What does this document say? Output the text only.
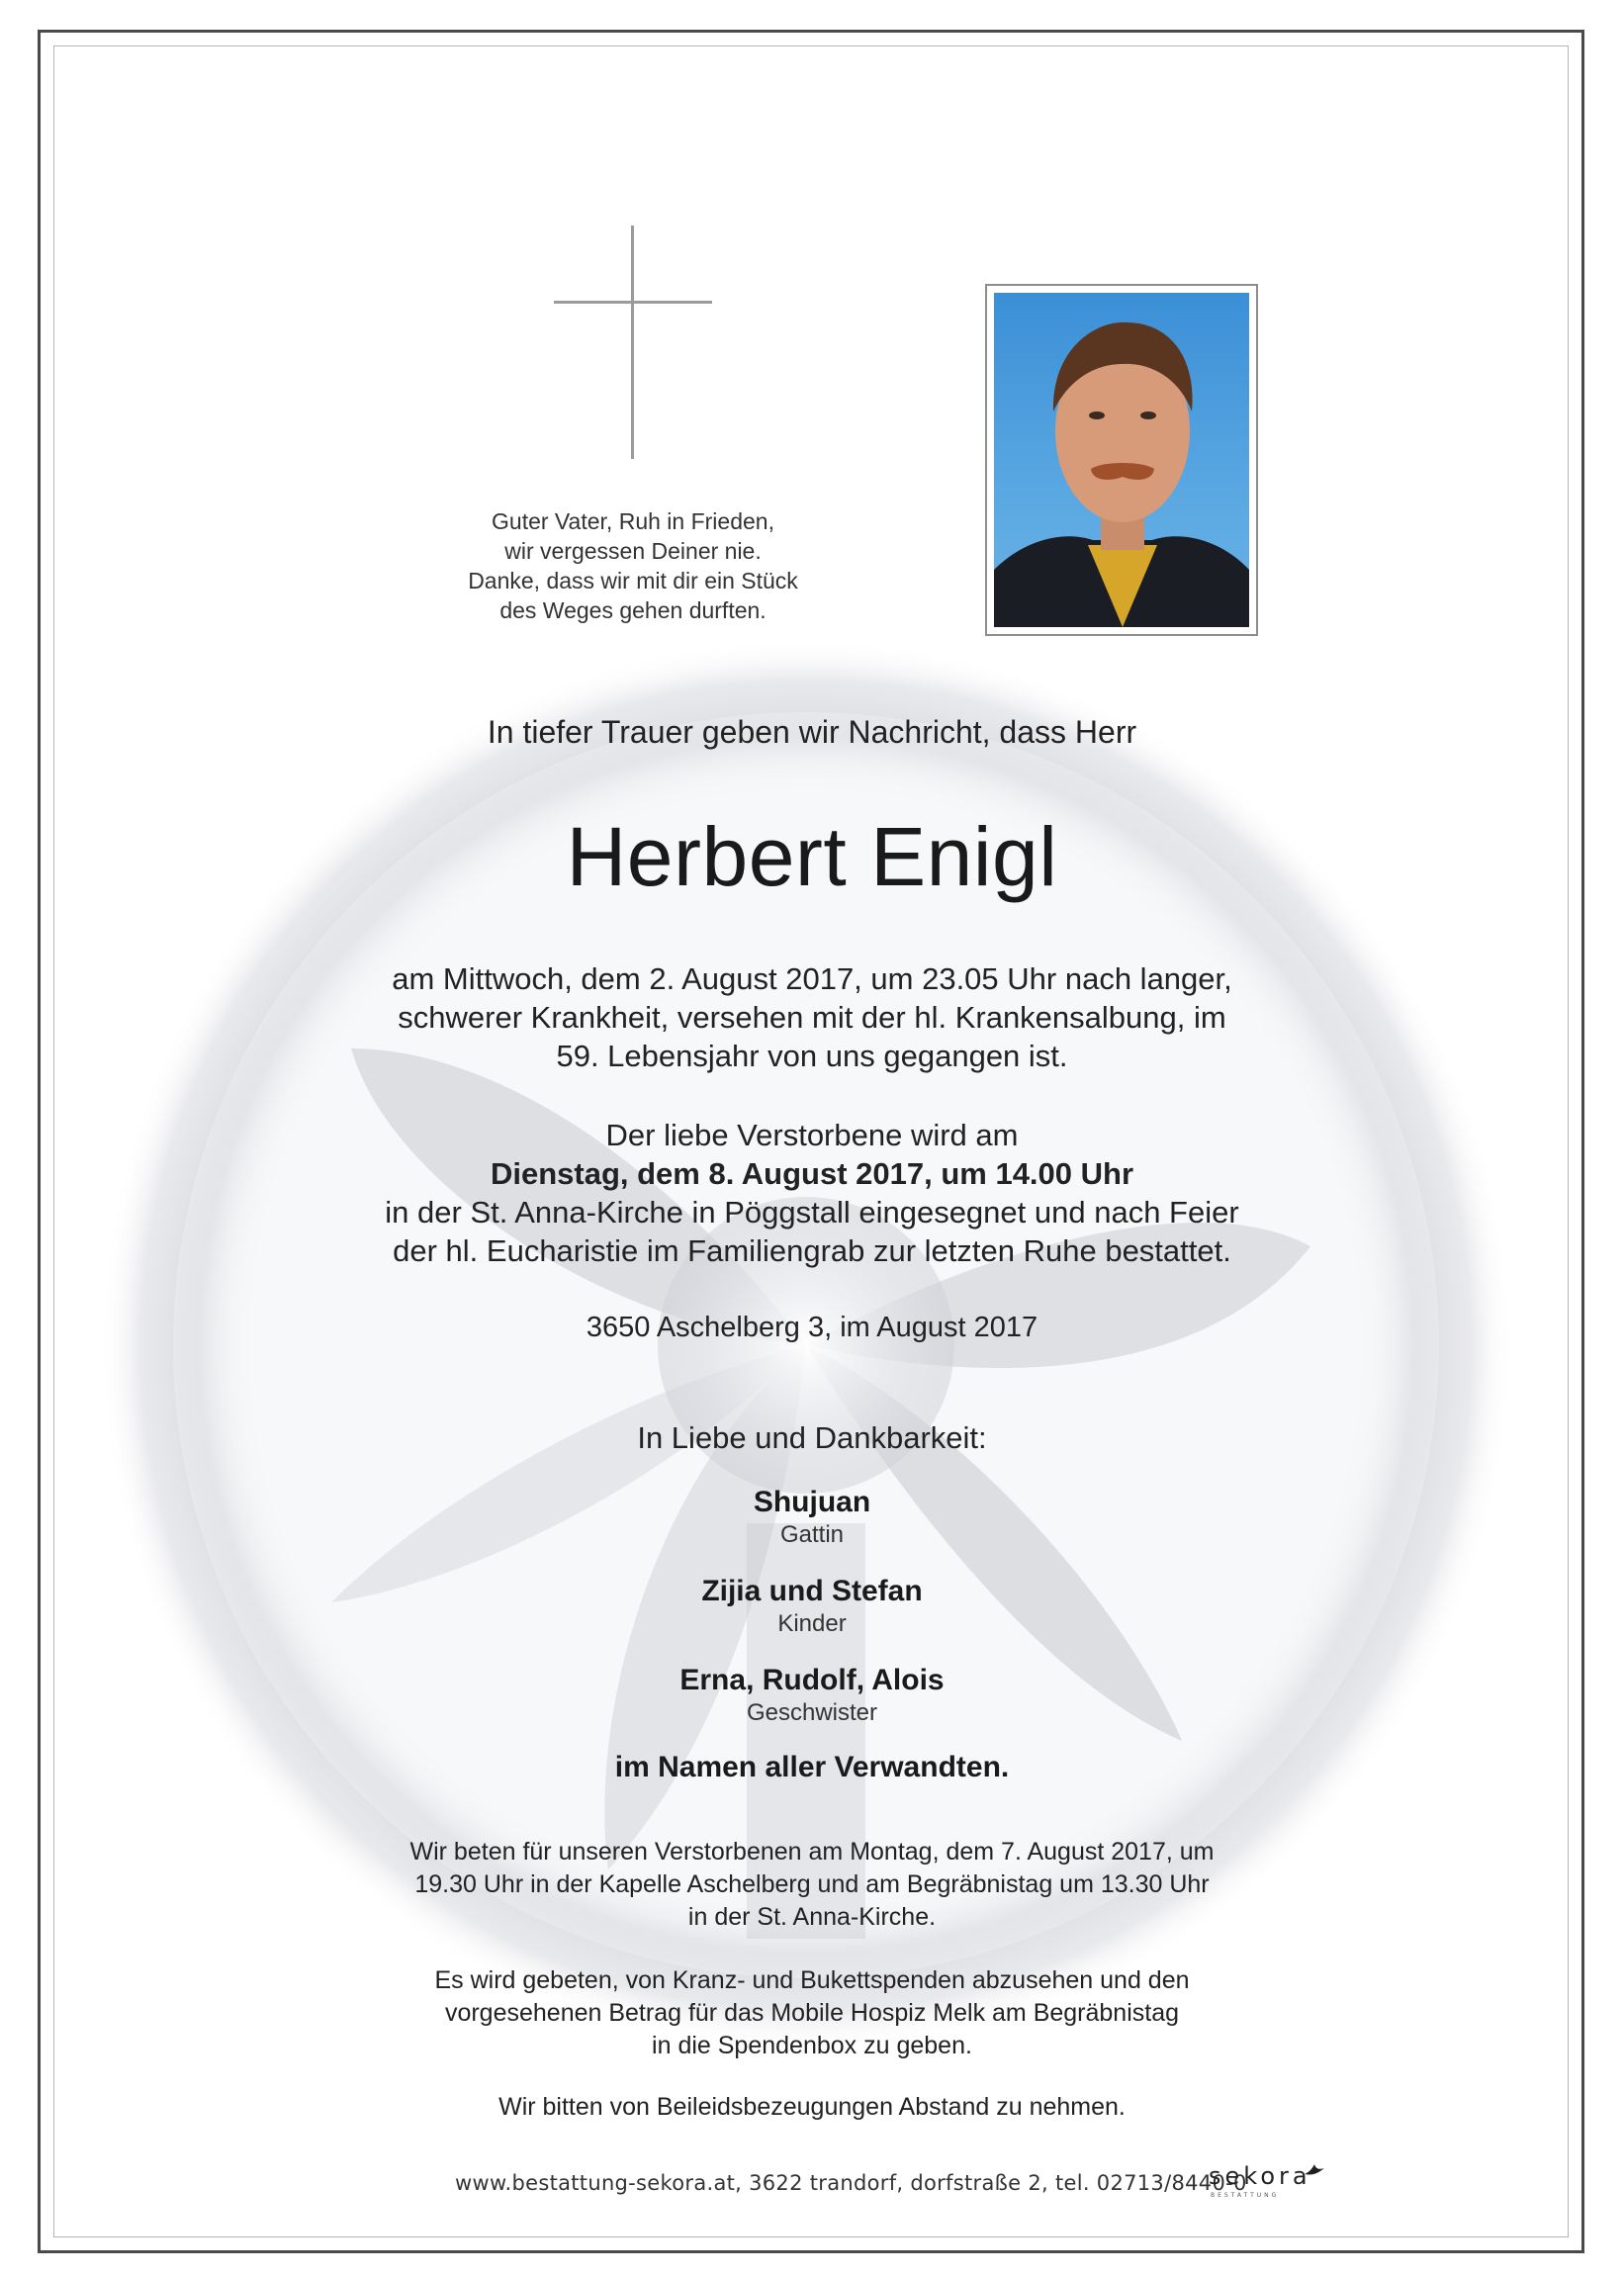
Guter Vater, Ruh in Frieden,
wir vergessen Deiner nie.
Danke, dass wir mit dir ein Stück
des Weges gehen durften.
In tiefer Trauer geben wir Nachricht, dass Herr
Herbert Enigl
am Mittwoch, dem 2. August 2017, um 23.05 Uhr nach langer,
schwerer Krankheit, versehen mit der hl. Krankensalbung, im
59. Lebensjahr von uns gegangen ist.
Der liebe Verstorbene wird am
Dienstag, dem 8. August 2017, um 14.00 Uhr
in der St. Anna-Kirche in Pöggstall eingesegnet und nach Feier
der hl. Eucharistie im Familiengrab zur letzten Ruhe bestattet.
3650 Aschelberg 3, im August 2017
In Liebe und Dankbarkeit:
Shujuan
Gattin
Zijia und Stefan
Kinder
Erna, Rudolf, Alois
Geschwister
im Namen aller Verwandten.
Wir beten für unseren Verstorbenen am Montag, dem 7. August 2017, um
19.30 Uhr in der Kapelle Aschelberg und am Begräbnistag um 13.30 Uhr
in der St. Anna-Kirche.
Es wird gebeten, von Kranz- und Bukettspenden abzusehen und den
vorgesehenen Betrag für das Mobile Hospiz Melk am Begräbnistag
in die Spendenbox zu geben.
Wir bitten von Beileidsbezeugungen Abstand zu nehmen.
www.bestattung-sekora.at, 3622 trandorf, dorfstraße 2, tel. 02713/8440-0
sekora
BESTATTUNG
